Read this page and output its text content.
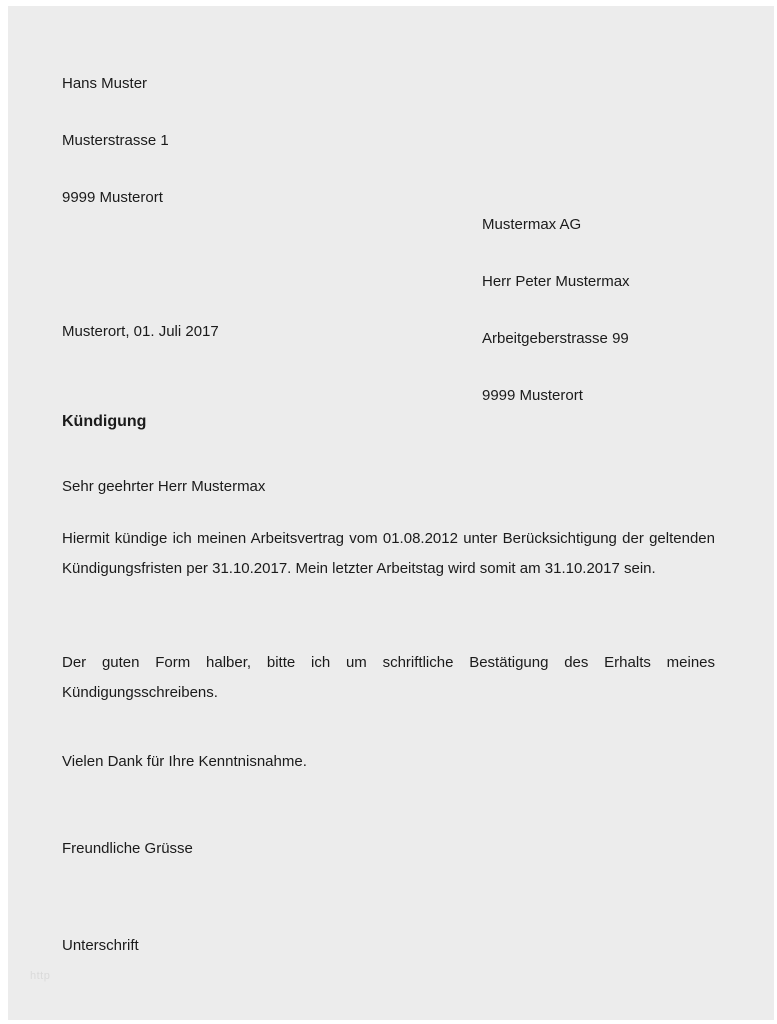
Hans Muster

Musterstrasse 1

9999 Musterort

Mustermax AG

Herr Peter Mustermax

Arbeitgeberstrasse 99

9999 Musterort

Musterort, 01. Juli 2017
Kündigung
Sehr geehrter Herr Mustermax
Hiermit kündige ich meinen Arbeitsvertrag vom 01.08.2012 unter Berücksichtigung der geltenden Kündigungsfristen per 31.10.2017. Mein letzter Arbeitstag wird somit am 31.10.2017 sein.
Der guten Form halber, bitte ich um schriftliche Bestätigung des Erhalts meines Kündigungsschreibens.
Vielen Dank für Ihre Kenntnisnahme.
Freundliche Grüsse
Unterschrift
http
